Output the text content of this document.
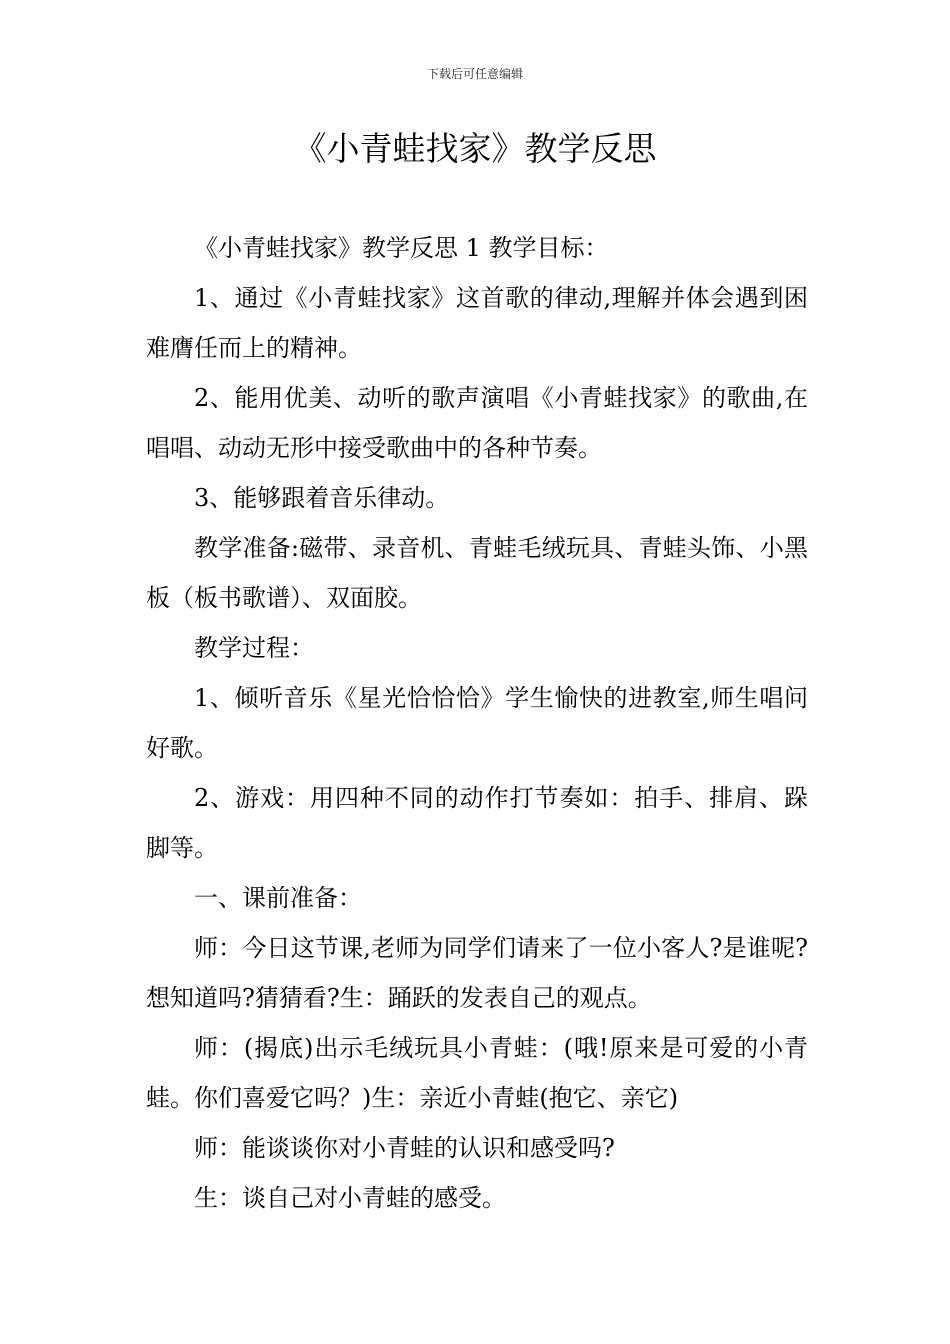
下载后可任意编辑
《小青蛙找家》教学反思

《小青蛙找家》教学反思 1 教学目标：

1、通过《小青蛙找家》这首歌的律动,理解并体会遇到困难膺任而上的精神。

2、能用优美、动听的歌声演唱《小青蛙找家》的歌曲,在唱唱、动动无形中接受歌曲中的各种节奏。

3、能够跟着音乐律动。

教学准备:磁带、录音机、青蛙毛绒玩具、青蛙头饰、小黑板（板书歌谱）、双面胶。

教学过程：

1、倾听音乐《星光恰恰恰》学生愉快的进教室,师生唱问好歌。

2、游戏：用四种不同的动作打节奏如：拍手、排肩、跺脚等。

一、课前准备：

师：今日这节课,老师为同学们请来了一位小客人?是谁呢?想知道吗?猜猜看?生：踊跃的发表自己的观点。

师：(揭底)出示毛绒玩具小青蛙：(哦!原来是可爱的小青蛙。你们喜爱它吗？)生：亲近小青蛙(抱它、亲它)

师：能谈谈你对小青蛙的认识和感受吗?

生：谈自己对小青蛙的感受。
